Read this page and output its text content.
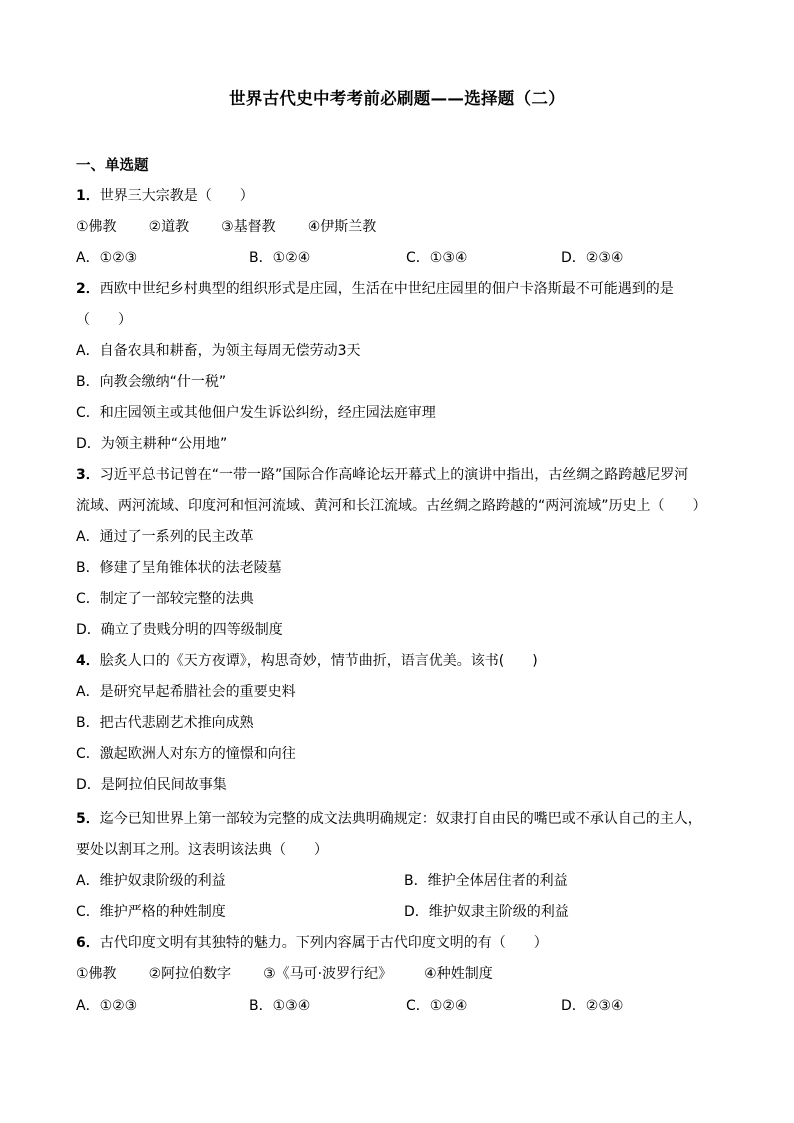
世界古代史中考考前必刷题——选择题（二）
一、单选题
1．世界三大宗教是（　　）
①佛教 ②道教 ③基督教 ④伊斯兰教
A．①②③	B．①②④	C．①③④	D．②③④
2．西欧中世纪乡村典型的组织形式是庄园，生活在中世纪庄园里的佃户卡洛斯最不可能遇到的是
（　　）
A．自备农具和耕畜，为领主每周无偿劳动3天
B．向教会缴纳“什一税”
C．和庄园领主或其他佃户发生诉讼纠纷，经庄园法庭审理
D．为领主耕种“公用地”
3．习近平总书记曾在“一带一路”国际合作高峰论坛开幕式上的演讲中指出，古丝绸之路跨越尼罗河
流域、两河流域、印度河和恒河流域、黄河和长江流域。古丝绸之路跨越的“两河流域”历史上（　　）
A．通过了一系列的民主改革
B．修建了呈角锥体状的法老陵墓
C．制定了一部较完整的法典
D．确立了贵贱分明的四等级制度
4．脍炙人口的《天方夜谭》，构思奇妙，情节曲折，语言优美。该书(　　)
A．是研究早起希腊社会的重要史料
B．把古代悲剧艺术推向成熟
C．激起欧洲人对东方的憧憬和向往
D．是阿拉伯民间故事集
5．迄今已知世界上第一部较为完整的成文法典明确规定：奴隶打自由民的嘴巴或不承认自己的主人，
要处以割耳之刑。这表明该法典（　　）
A．维护奴隶阶级的利益	B．维护全体居住者的利益
C．维护严格的种姓制度	D．维护奴隶主阶级的利益
6．古代印度文明有其独特的魅力。下列内容属于古代印度文明的有（　　）
①佛教 ②阿拉伯数字 ③《马可·波罗行纪》 ④种姓制度
A．①②③	B．①③④	C．①②④	D．②③④
